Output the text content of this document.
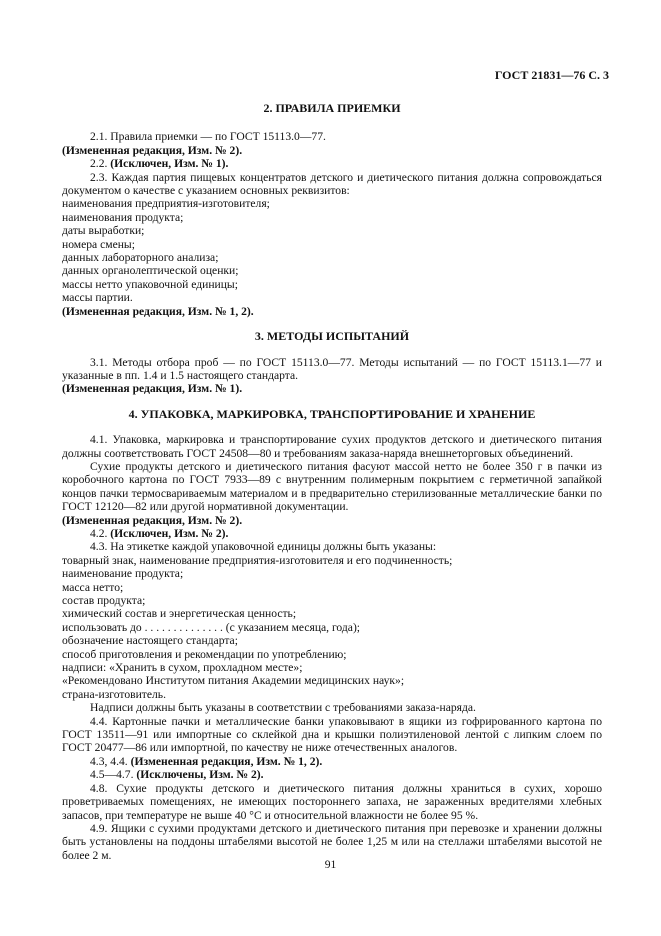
ГОСТ 21831—76 С. 3

2. ПРАВИЛА ПРИЕМКИ

2.1. Правила приемки — по ГОСТ 15113.0—77.

(Измененная редакция, Изм. № 2).

2.2. (Исключен, Изм. № 1).

2.3. Каждая партия пищевых концентратов детского и диетического питания должна сопровождаться документом о качестве с указанием основных реквизитов:

наименования предприятия-изготовителя;

наименования продукта;

даты выработки;

номера смены;

данных лабораторного анализа;

данных органолептической оценки;

массы нетто упаковочной единицы;

массы партии.

(Измененная редакция, Изм. № 1, 2).

3. МЕТОДЫ ИСПЫТАНИЙ

3.1. Методы отбора проб — по ГОСТ 15113.0—77. Методы испытаний — по ГОСТ 15113.1—77 и указанные в пп. 1.4 и 1.5 настоящего стандарта.

(Измененная редакция, Изм. № 1).

4. УПАКОВКА, МАРКИРОВКА, ТРАНСПОРТИРОВАНИЕ И ХРАНЕНИЕ

4.1. Упаковка, маркировка и транспортирование сухих продуктов детского и диетического питания должны соответствовать ГОСТ 24508—80 и требованиям заказа-наряда внешнеторговых объединений.

Сухие продукты детского и диетического питания фасуют массой нетто не более 350 г в пачки из коробочного картона по ГОСТ 7933—89 с внутренним полимерным покрытием с герметичной запайкой концов пачки термосвариваемым материалом и в предварительно стерилизованные металлические банки по ГОСТ 12120—82 или другой нормативной документации.

(Измененная редакция, Изм. № 2).

4.2. (Исключен, Изм. № 2).

4.3. На этикетке каждой упаковочной единицы должны быть указаны:

товарный знак, наименование предприятия-изготовителя и его подчиненность;

наименование продукта;

масса нетто;

состав продукта;

химический состав и энергетическая ценность;

использовать до . . . . . . . . . . . . . . (с указанием месяца, года);

обозначение настоящего стандарта;

способ приготовления и рекомендации по употреблению;

надписи: «Хранить в сухом, прохладном месте»;

«Рекомендовано Институтом питания Академии медицинских наук»;

страна-изготовитель.

Надписи должны быть указаны в соответствии с требованиями заказа-наряда.

4.4. Картонные пачки и металлические банки упаковывают в ящики из гофрированного картона по ГОСТ 13511—91 или импортные со склейкой дна и крышки полиэтиленовой лентой с липким слоем по ГОСТ 20477—86 или импортной, по качеству не ниже отечественных аналогов.

4.3, 4.4. (Измененная редакция, Изм. № 1, 2).

4.5—4.7. (Исключены, Изм. № 2).

4.8. Сухие продукты детского и диетического питания должны храниться в сухих, хорошо проветриваемых помещениях, не имеющих постороннего запаха, не зараженных вредителями хлебных запасов, при температуре не выше 40 °С и относительной влажности не более 95 %.

4.9. Ящики с сухими продуктами детского и диетического питания при перевозке и хранении должны быть установлены на поддоны штабелями высотой не более 1,25 м или на стеллажи штабелями высотой не более 2 м.

91
